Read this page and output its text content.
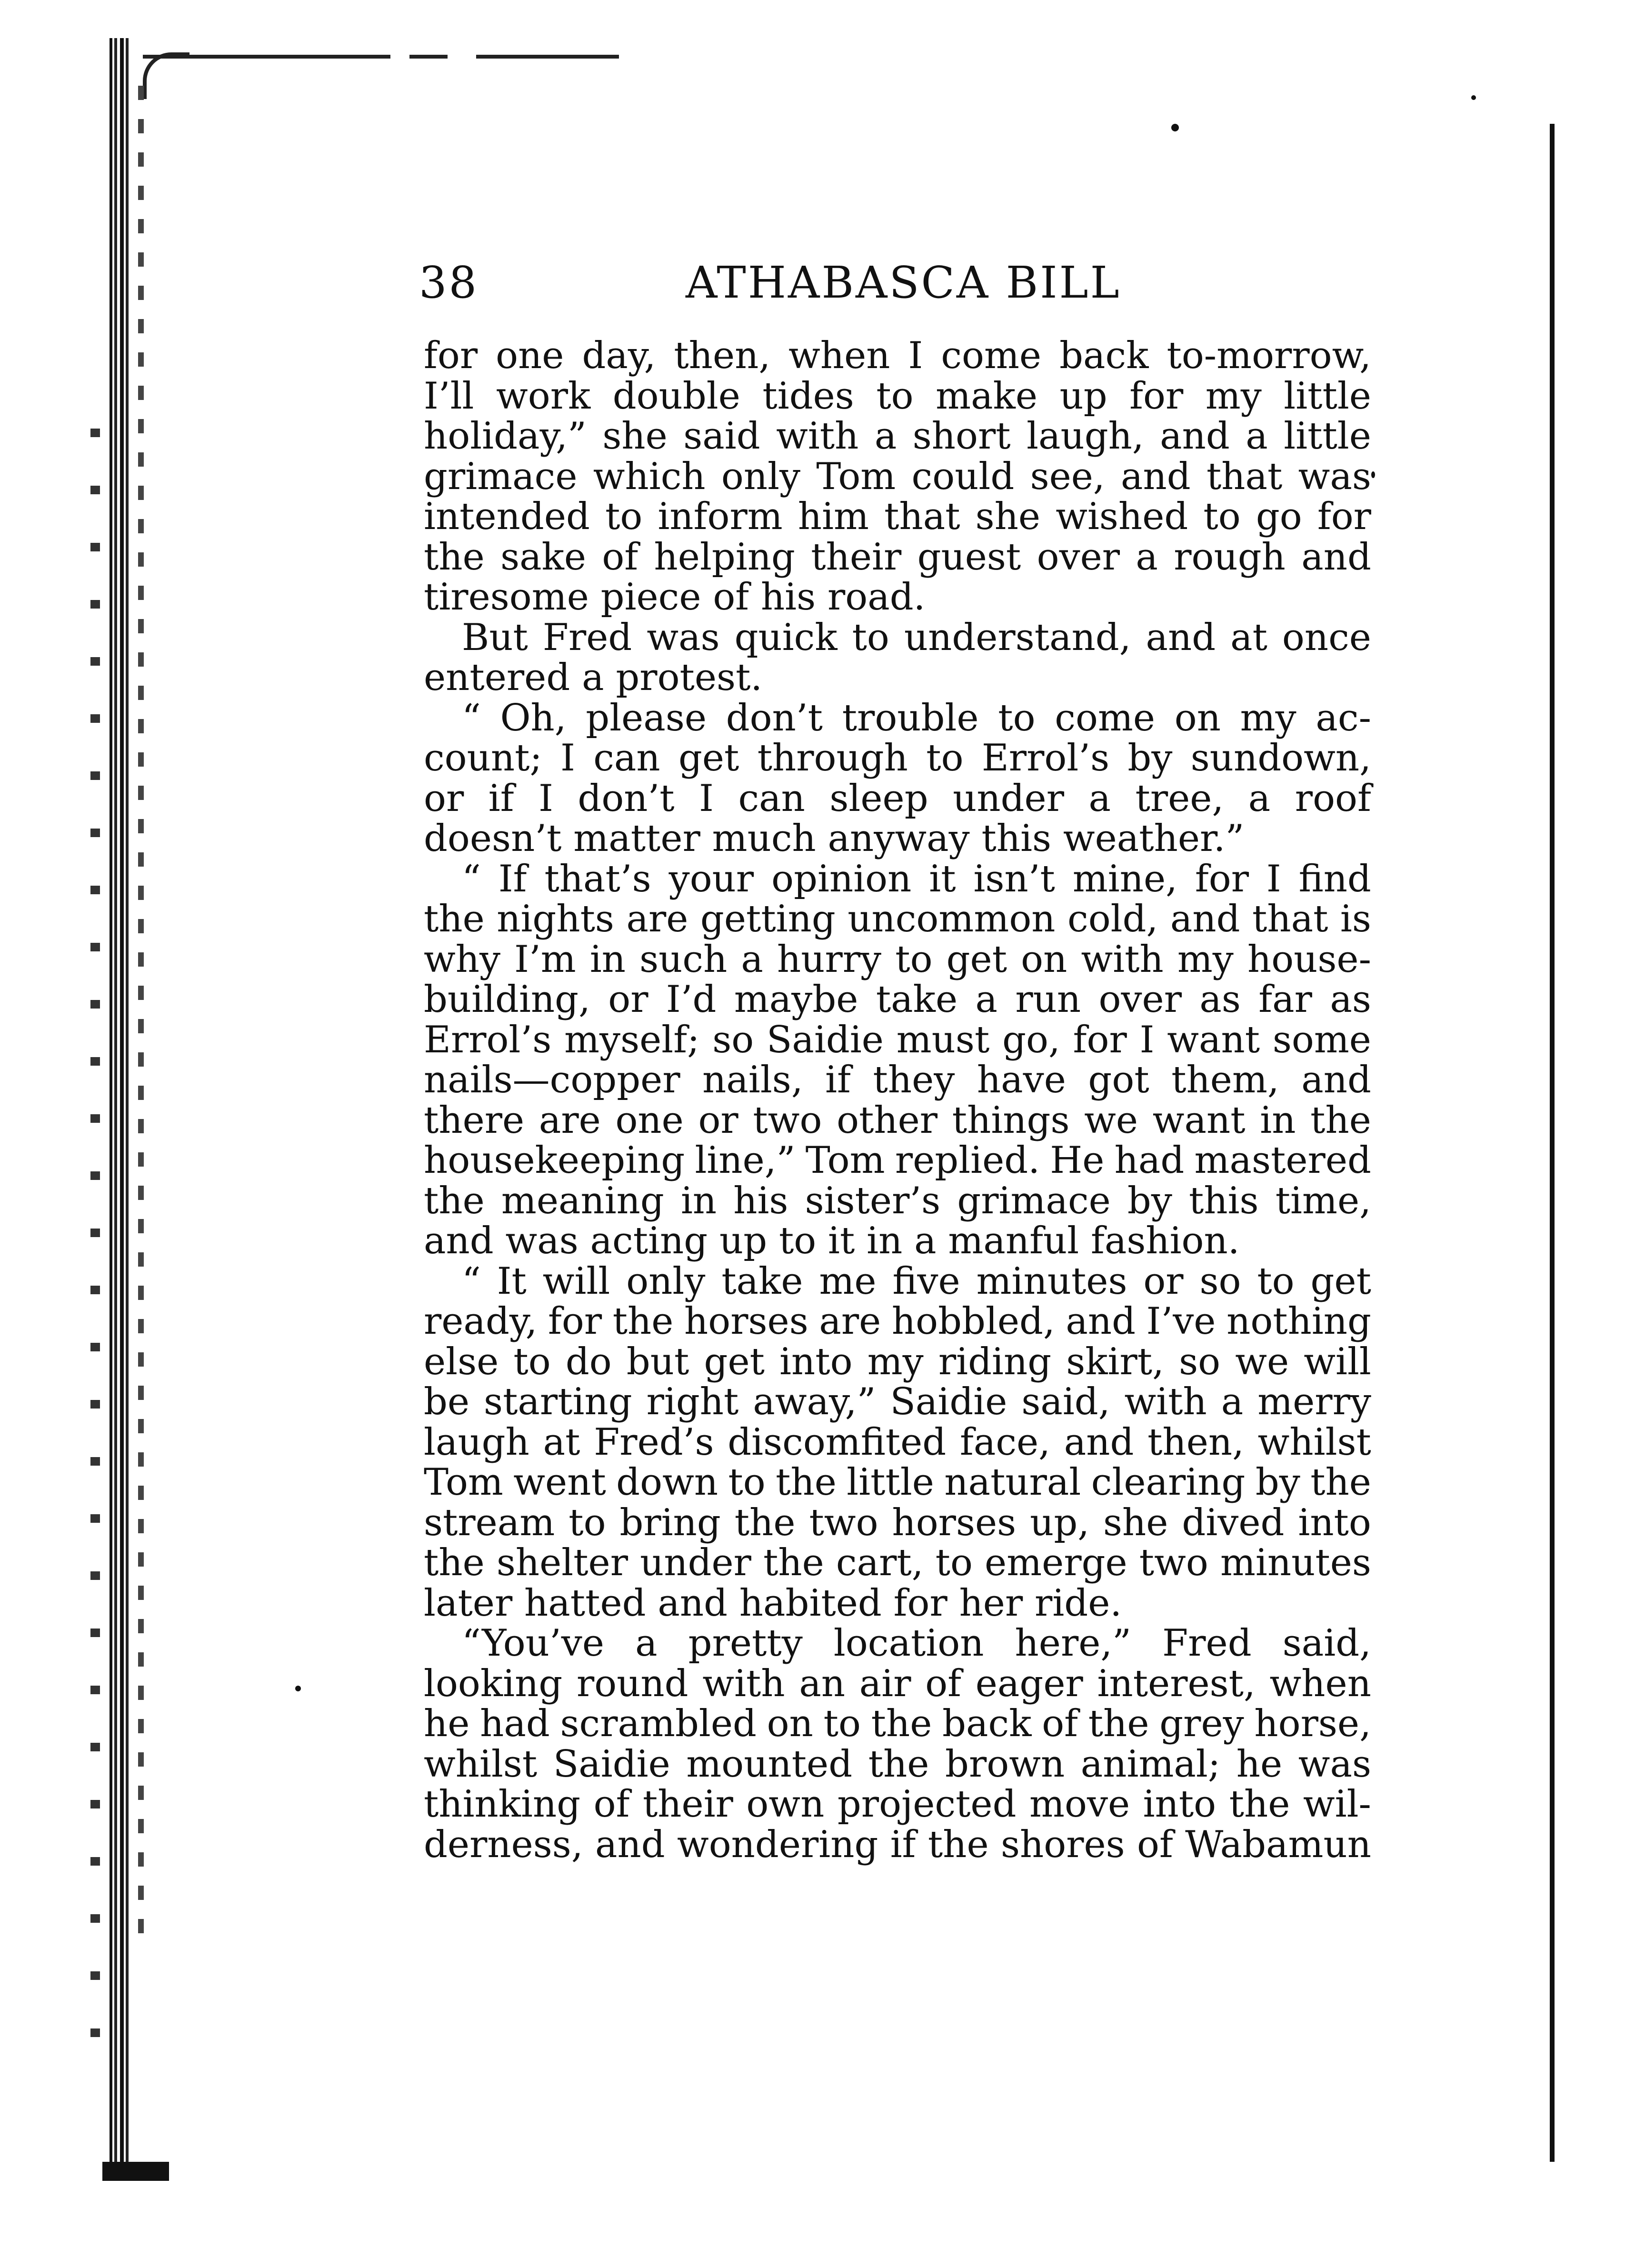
38	ATHABASCA BILL
for one day, then, when I come back to-morrow,
I’ll work double tides to make up for my little
holiday,” she said with a short laugh, and a little
grimace which only Tom could see, and that was
intended to inform him that she wished to go for
the sake of helping their guest over a rough and
tiresome piece of his road.
But Fred was quick to understand, and at once
entered a protest.
“ Oh, please don’t trouble to come on my ac-
count; I can get through to Errol’s by sundown,
or if I don’t I can sleep under a tree, a roof
doesn’t matter much anyway this weather.”
“ If that’s your opinion it isn’t mine, for I find
the nights are getting uncommon cold, and that is
why I’m in such a hurry to get on with my house-
building, or I’d maybe take a run over as far as
Errol’s myself; so Saidie must go, for I want some
nails—copper nails, if they have got them, and
there are one or two other things we want in the
housekeeping line,” Tom replied. He had mastered
the meaning in his sister’s grimace by this time,
and was acting up to it in a manful fashion.
“ It will only take me five minutes or so to get
ready, for the horses are hobbled, and I’ve nothing
else to do but get into my riding skirt, so we will
be starting right away,” Saidie said, with a merry
laugh at Fred’s discomfited face, and then, whilst
Tom went down to the little natural clearing by the
stream to bring the two horses up, she dived into
the shelter under the cart, to emerge two minutes
later hatted and habited for her ride.
“You’ve a pretty location here,” Fred said,
looking round with an air of eager interest, when
he had scrambled on to the back of the grey horse,
whilst Saidie mounted the brown animal; he was
thinking of their own projected move into the wil-
derness, and wondering if the shores of Wabamun
